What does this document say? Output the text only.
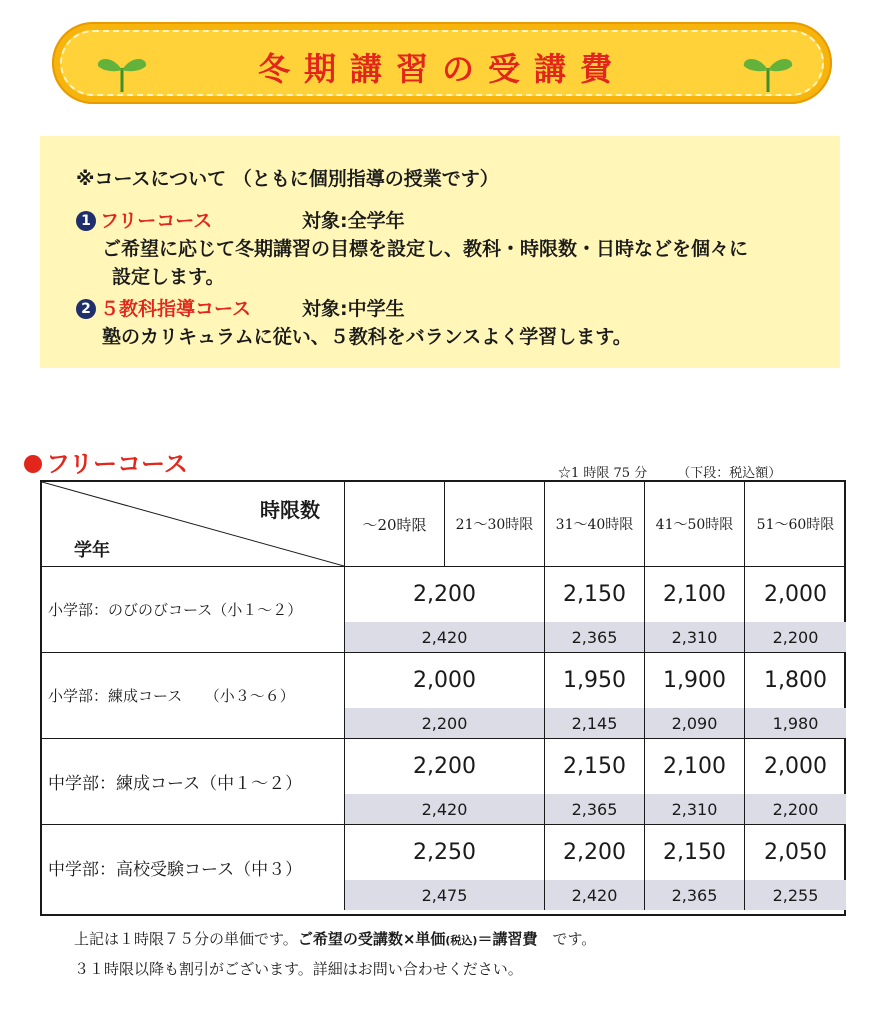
冬期講習の受講費
※コースについて （ともに個別指導の授業です）
1 フリーコース	対象:全学年
ご希望に応じて冬期講習の目標を設定し、教科・時限数・日時などを個々に
設定します。
2 ５教科指導コース	対象:中学生
塾のカリキュラムに従い、５教科をバランスよく学習します。
フリーコース	☆1 時限 75 分 （下段：税込額）
時限数
学年
～20時限	21～30時限	31～40時限	41～50時限	51～60時限
小学部：のびのびコース（小１～２）
2,200	2,150	2,100	2,000
2,420	2,365	2,310	2,200
小学部：練成コース　　（小３～６）
2,000	1,950	1,900	1,800
2,200	2,145	2,090	1,980
中学部：練成コース（中１～２）
2,200	2,150	2,100	2,000
2,420	2,365	2,310	2,200
中学部：高校受験コース（中３）
2,250	2,200	2,150	2,050
2,475	2,420	2,365	2,255
上記は１時限７５分の単価です。ご希望の受講数×単価(税込)＝講習費　です。
３１時限以降も割引がございます。詳細はお問い合わせください。
